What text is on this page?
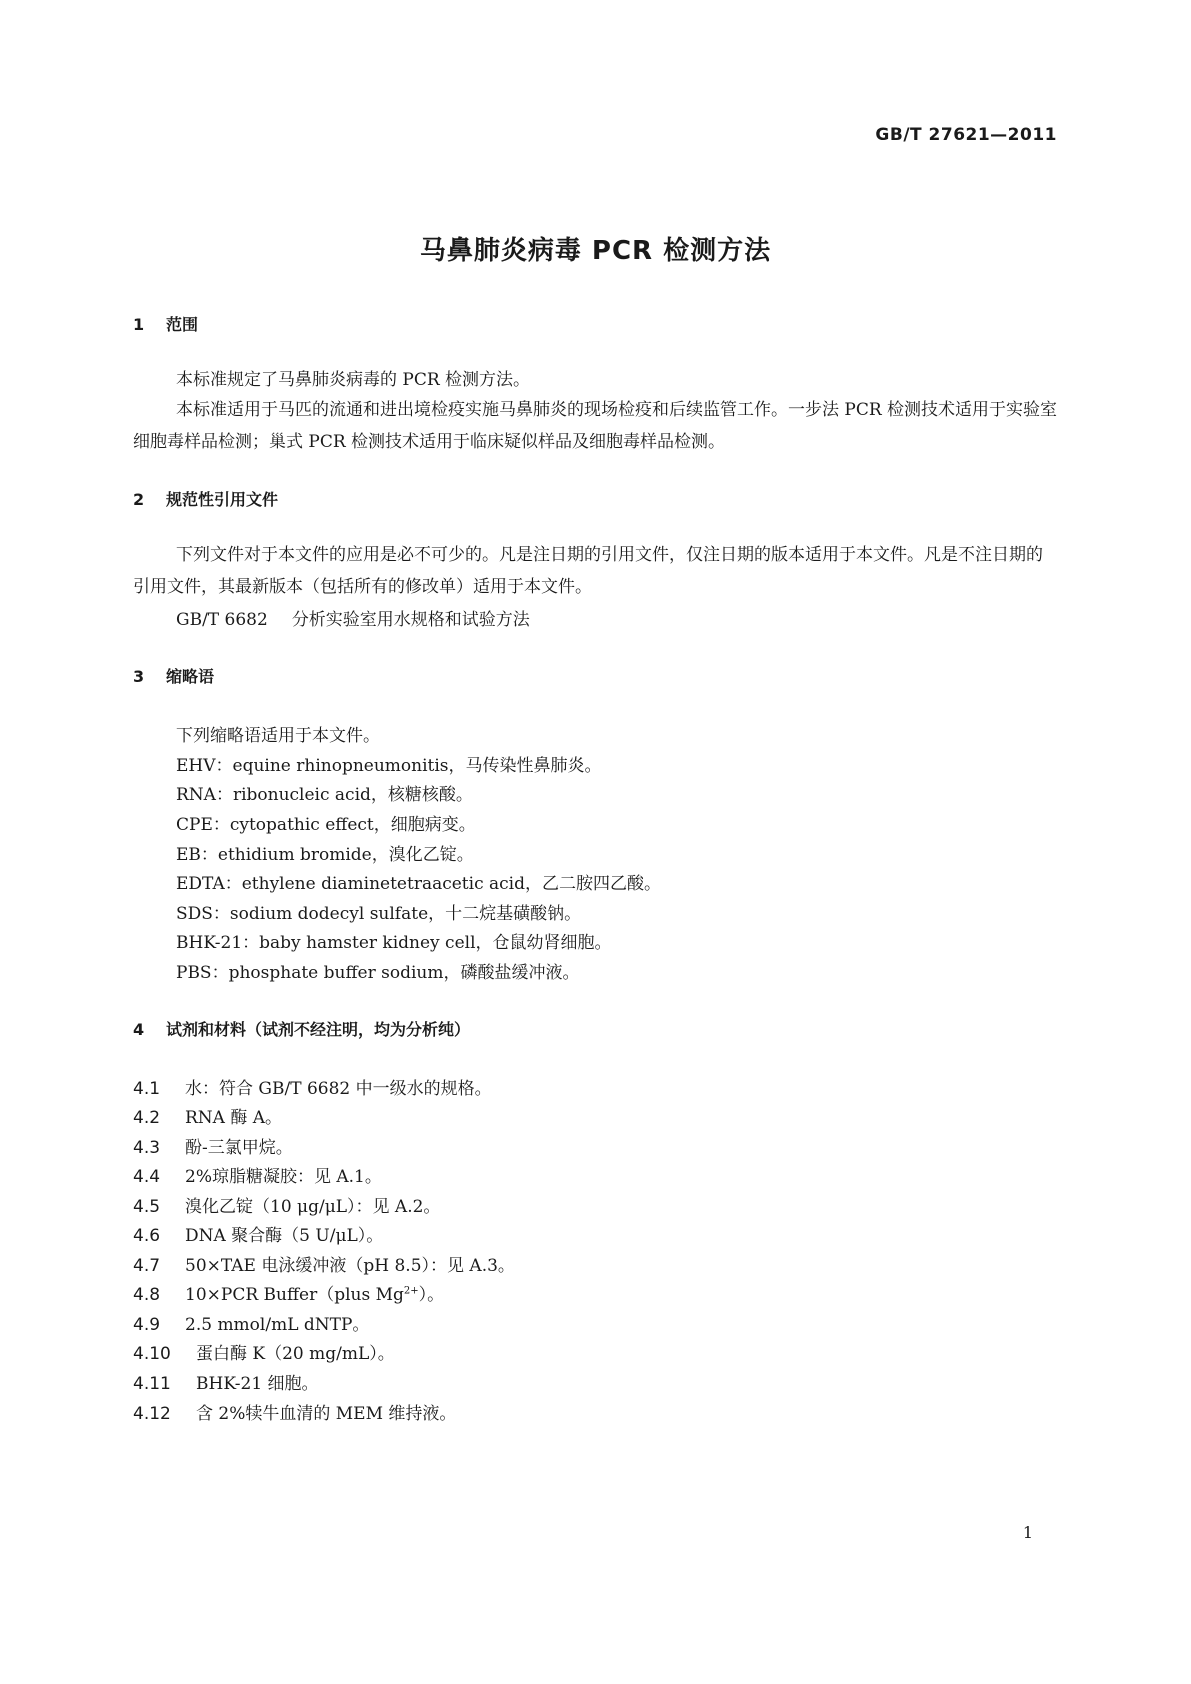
GB/T 27621—2011
马鼻肺炎病毒 PCR 检测方法
1 范围
本标准规定了马鼻肺炎病毒的 PCR 检测方法。
本标准适用于马匹的流通和进出境检疫实施马鼻肺炎的现场检疫和后续监管工作。一步法 PCR 检测技术适用于实验室细胞毒样品检测；巢式 PCR 检测技术适用于临床疑似样品及细胞毒样品检测。
2 规范性引用文件
下列文件对于本文件的应用是必不可少的。凡是注日期的引用文件，仅注日期的版本适用于本文件。凡是不注日期的引用文件，其最新版本（包括所有的修改单）适用于本文件。
GB/T 6682 分析实验室用水规格和试验方法
3 缩略语
下列缩略语适用于本文件。
EHV：equine rhinopneumonitis，马传染性鼻肺炎。
RNA：ribonucleic acid，核糖核酸。
CPE：cytopathic effect，细胞病变。
EB：ethidium bromide，溴化乙锭。
EDTA：ethylene diaminetetraacetic acid，乙二胺四乙酸。
SDS：sodium dodecyl sulfate，十二烷基磺酸钠。
BHK-21：baby hamster kidney cell，仓鼠幼肾细胞。
PBS：phosphate buffer sodium，磷酸盐缓冲液。
4 试剂和材料（试剂不经注明，均为分析纯）
4.1 水：符合 GB/T 6682 中一级水的规格。
4.2 RNA 酶 A。
4.3 酚-三氯甲烷。
4.4 2%琼脂糖凝胶：见 A.1。
4.5 溴化乙锭（10 μg/μL）：见 A.2。
4.6 DNA 聚合酶（5 U/μL）。
4.7 50×TAE 电泳缓冲液（pH 8.5）：见 A.3。
4.8 10×PCR Buffer（plus $Mg^{2+}$）。
4.9 2.5 mmol/mL dNTP。
4.10 蛋白酶 K（20 mg/mL）。
4.11 BHK-21 细胞。
4.12 含 2%犊牛血清的 MEM 维持液。
1
